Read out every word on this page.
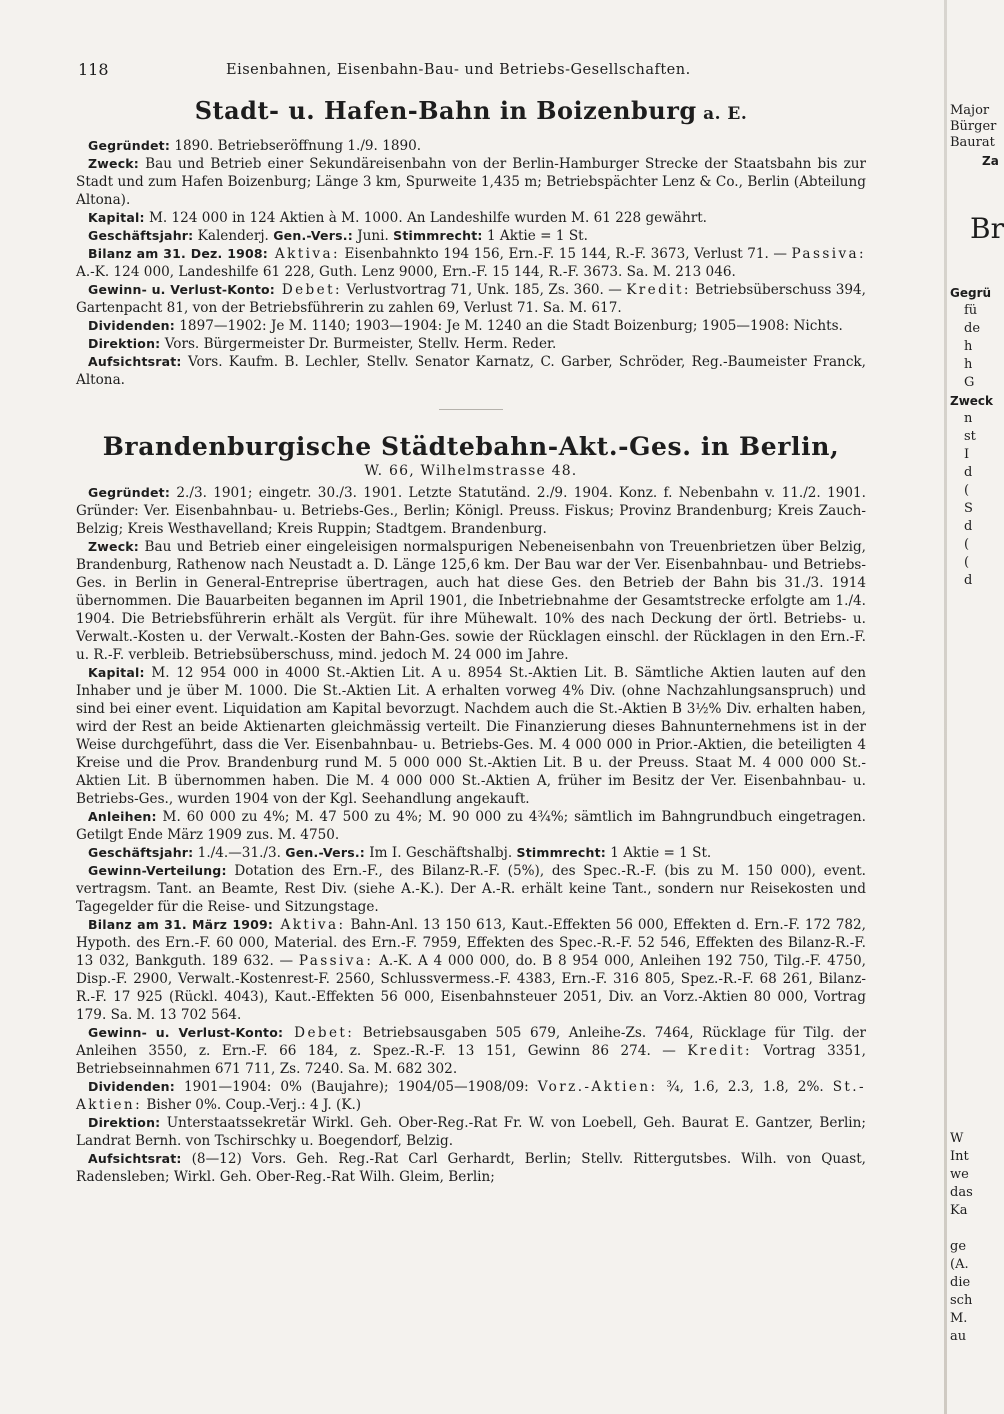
118	Eisenbahnen, Eisenbahn-Bau- und Betriebs-Gesellschaften.
Stadt- u. Hafen-Bahn in Boizenburg a. E.

Gegründet: 1890. Betriebseröffnung 1./9. 1890.

Zweck: Bau und Betrieb einer Sekundäreisenbahn von der Berlin-Hamburger Strecke der Staatsbahn bis zur Stadt und zum Hafen Boizenburg; Länge 3 km, Spurweite 1,435 m; Betriebspächter Lenz & Co., Berlin (Abteilung Altona).

Kapital: M. 124 000 in 124 Aktien à M. 1000. An Landeshilfe wurden M. 61 228 gewährt.

Geschäftsjahr: Kalenderj. Gen.-Vers.: Juni. Stimmrecht: 1 Aktie = 1 St.

Bilanz am 31. Dez. 1908: Aktiva: Eisenbahnkto 194 156, Ern.-F. 15 144, R.-F. 3673, Verlust 71. — Passiva: A.-K. 124 000, Landeshilfe 61 228, Guth. Lenz 9000, Ern.-F. 15 144, R.-F. 3673. Sa. M. 213 046.

Gewinn- u. Verlust-Konto: Debet: Verlustvortrag 71, Unk. 185, Zs. 360. — Kredit: Betriebsüberschuss 394, Gartenpacht 81, von der Betriebsführerin zu zahlen 69, Verlust 71. Sa. M. 617.

Dividenden: 1897—1902: Je M. 1140; 1903—1904: Je M. 1240 an die Stadt Boizenburg; 1905—1908: Nichts.

Direktion: Vors. Bürgermeister Dr. Burmeister, Stellv. Herm. Reder.

Aufsichtsrat: Vors. Kaufm. B. Lechler, Stellv. Senator Karnatz, C. Garber, Schröder, Reg.-Baumeister Franck, Altona.

Brandenburgische Städtebahn-Akt.-Ges. in Berlin,

W. 66, Wilhelmstrasse 48.

Gegründet: 2./3. 1901; eingetr. 30./3. 1901. Letzte Statutänd. 2./9. 1904. Konz. f. Nebenbahn v. 11./2. 1901. Gründer: Ver. Eisenbahnbau- u. Betriebs-Ges., Berlin; Königl. Preuss. Fiskus; Provinz Brandenburg; Kreis Zauch-Belzig; Kreis Westhavelland; Kreis Ruppin; Stadtgem. Brandenburg.

Zweck: Bau und Betrieb einer eingeleisigen normalspurigen Nebeneisenbahn von Treuenbrietzen über Belzig, Brandenburg, Rathenow nach Neustadt a. D. Länge 125,6 km. Der Bau war der Ver. Eisenbahnbau- und Betriebs-Ges. in Berlin in General-Entreprise übertragen, auch hat diese Ges. den Betrieb der Bahn bis 31./3. 1914 übernommen. Die Bauarbeiten begannen im April 1901, die Inbetriebnahme der Gesamtstrecke erfolgte am 1./4. 1904. Die Betriebsführerin erhält als Vergüt. für ihre Mühewalt. 10% des nach Deckung der örtl. Betriebs- u. Verwalt.-Kosten u. der Verwalt.-Kosten der Bahn-Ges. sowie der Rücklagen einschl. der Rücklagen in den Ern.-F. u. R.-F. verbleib. Betriebsüberschuss, mind. jedoch M. 24 000 im Jahre.

Kapital: M. 12 954 000 in 4000 St.-Aktien Lit. A u. 8954 St.-Aktien Lit. B. Sämtliche Aktien lauten auf den Inhaber und je über M. 1000. Die St.-Aktien Lit. A erhalten vorweg 4% Div. (ohne Nachzahlungsanspruch) und sind bei einer event. Liquidation am Kapital bevorzugt. Nachdem auch die St.-Aktien B 3½% Div. erhalten haben, wird der Rest an beide Aktienarten gleichmässig verteilt. Die Finanzierung dieses Bahnunternehmens ist in der Weise durchgeführt, dass die Ver. Eisenbahnbau- u. Betriebs-Ges. M. 4 000 000 in Prior.-Aktien, die beteiligten 4 Kreise und die Prov. Brandenburg rund M. 5 000 000 St.-Aktien Lit. B u. der Preuss. Staat M. 4 000 000 St.-Aktien Lit. B übernommen haben. Die M. 4 000 000 St.-Aktien A, früher im Besitz der Ver. Eisenbahnbau- u. Betriebs-Ges., wurden 1904 von der Kgl. Seehandlung angekauft.

Anleihen: M. 60 000 zu 4%; M. 47 500 zu 4%; M. 90 000 zu 4¾%; sämtlich im Bahngrundbuch eingetragen. Getilgt Ende März 1909 zus. M. 4750.

Geschäftsjahr: 1./4.—31./3. Gen.-Vers.: Im I. Geschäftshalbj. Stimmrecht: 1 Aktie = 1 St.

Gewinn-Verteilung: Dotation des Ern.-F., des Bilanz-R.-F. (5%), des Spec.-R.-F. (bis zu M. 150 000), event. vertragsm. Tant. an Beamte, Rest Div. (siehe A.-K.). Der A.-R. erhält keine Tant., sondern nur Reisekosten und Tagegelder für die Reise- und Sitzungstage.

Bilanz am 31. März 1909: Aktiva: Bahn-Anl. 13 150 613, Kaut.-Effekten 56 000, Effekten d. Ern.-F. 172 782, Hypoth. des Ern.-F. 60 000, Material. des Ern.-F. 7959, Effekten des Spec.-R.-F. 52 546, Effekten des Bilanz-R.-F. 13 032, Bankguth. 189 632. — Passiva: A.-K. A 4 000 000, do. B 8 954 000, Anleihen 192 750, Tilg.-F. 4750, Disp.-F. 2900, Verwalt.-Kostenrest-F. 2560, Schlussvermess.-F. 4383, Ern.-F. 316 805, Spez.-R.-F. 68 261, Bilanz-R.-F. 17 925 (Rückl. 4043), Kaut.-Effekten 56 000, Eisenbahnsteuer 2051, Div. an Vorz.-Aktien 80 000, Vortrag 179. Sa. M. 13 702 564.

Gewinn- u. Verlust-Konto: Debet: Betriebsausgaben 505 679, Anleihe-Zs. 7464, Rücklage für Tilg. der Anleihen 3550, z. Ern.-F. 66 184, z. Spez.-R.-F. 13 151, Gewinn 86 274. — Kredit: Vortrag 3351, Betriebseinnahmen 671 711, Zs. 7240. Sa. M. 682 302.

Dividenden: 1901—1904: 0% (Baujahre); 1904/05—1908/09: Vorz.-Aktien: ¾, 1.6, 2.3, 1.8, 2%. St.-Aktien: Bisher 0%. Coup.-Verj.: 4 J. (K.)

Direktion: Unterstaatssekretär Wirkl. Geh. Ober-Reg.-Rat Fr. W. von Loebell, Geh. Baurat E. Gantzer, Berlin; Landrat Bernh. von Tschirschky u. Boegendorf, Belzig.

Aufsichtsrat: (8—12) Vors. Geh. Reg.-Rat Carl Gerhardt, Berlin; Stellv. Rittergutsbes. Wilh. von Quast, Radensleben; Wirkl. Geh. Ober-Reg.-Rat Wilh. Gleim, Berlin;

Major
Bürger
Baurat
Za
Br
Gegrü
fü
de
h
h
G
Zweck
n
st
I
d
(
S
d
(
(
d
W
Int
we
das
Ka
ge
(A.
die
sch
M.
au
